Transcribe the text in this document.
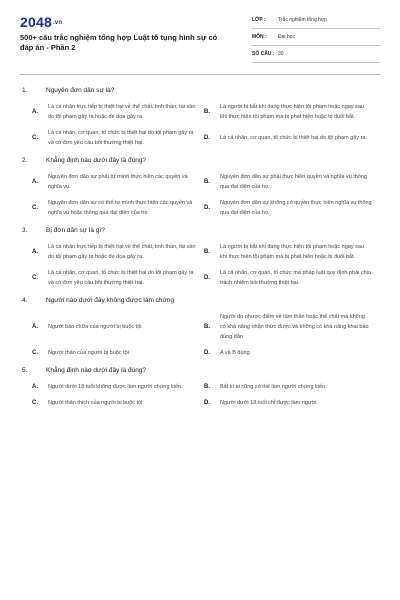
2048.vn
500+ câu trắc nghiệm tổng hợp Luật tố tụng hình sự có đáp án - Phần 2
LỚP :	Trắc nghiệm tổng hợp
MÔN :	Đại học
SỐ CÂU : 30
1.	Nguyên đơn dân sự là?
A.
Là cá nhân trực tiếp bị thiệt hại về thể chất, tinh thần, tài sản do tội phạm gây ra hoặc đe dọa gây ra.
B.
Là người bị bắt khi đang thực hiện tội phạm hoặc ngay sau khi thực hiện tội phạm mà bị phát hiện hoặc bị đuổi bắt.
C.
Là cá nhân, cơ quan, tổ chức bị thiệt hại do tội phạm gây ra và có đơn yêu cầu bồi thường thiệt hại.
D.	Là cá nhân, cơ quan, tổ chức bị thiệt hại do tội phạm gây ra.
2.	Khẳng định nào dưới đây là đúng?
A.
Nguyên đơn dân sự phải tự mình thực hiện các quyền và nghĩa vụ.
B.
Nguyên đơn dân sự phải thực hiện quyền và nghĩa vụ thông qua đại diện của họ.
C.
Nguyên đơn dân sự có thể tự mình thực hiện các quyền và nghĩa vụ hoặc thông qua đại diện của họ.
D.
Nguyên đơn dân sự không có quyền thực hiện nghĩa vụ thông qua đại diện của họ.
3.	Bị đơn dân sự là gì?
A.
Là cá nhân trực tiếp bị thiệt hại về thể chất, tinh thần, tài sản do tội phạm gây ra hoặc đe dọa gây ra.
B.
Là người bị bắt khi đang thực hiện tội phạm hoặc ngay sau khi thực hiện tội phạm mà bị phát hiện hoặc bị đuổi bắt.
C.
Là cá nhân, cơ quan, tổ chức bị thiệt hại do tội phạm gây ra và có đơn yêu cầu bồi thường thiệt hại.
D.
Là cá nhân, cơ quan, tổ chức mà pháp luật quy định phải chịu trách nhiệm bồi thường thiệt hại.
4.	Người nào dưới đây không được làm chứng
A.	Người bào chữa của người bị buộc tội	B.
Người do nhược điểm về tâm thần hoặc thể chất mà không có khả năng nhận thức được và không có khả năng khai báo đúng đắn
C.	Người thân của người bị buộc tội	D.	A và B đúng
5.	Khẳng định nào dưới đây là đúng?
A.	Người dưới 18 tuổi không được làm người chứng kiến.	B.	Bất kì ai cũng có thể làm người chứng kiến.
C.	Người thân thích của người bị buộc tội	D.	Người dưới 18 tuổi chỉ được làm người
